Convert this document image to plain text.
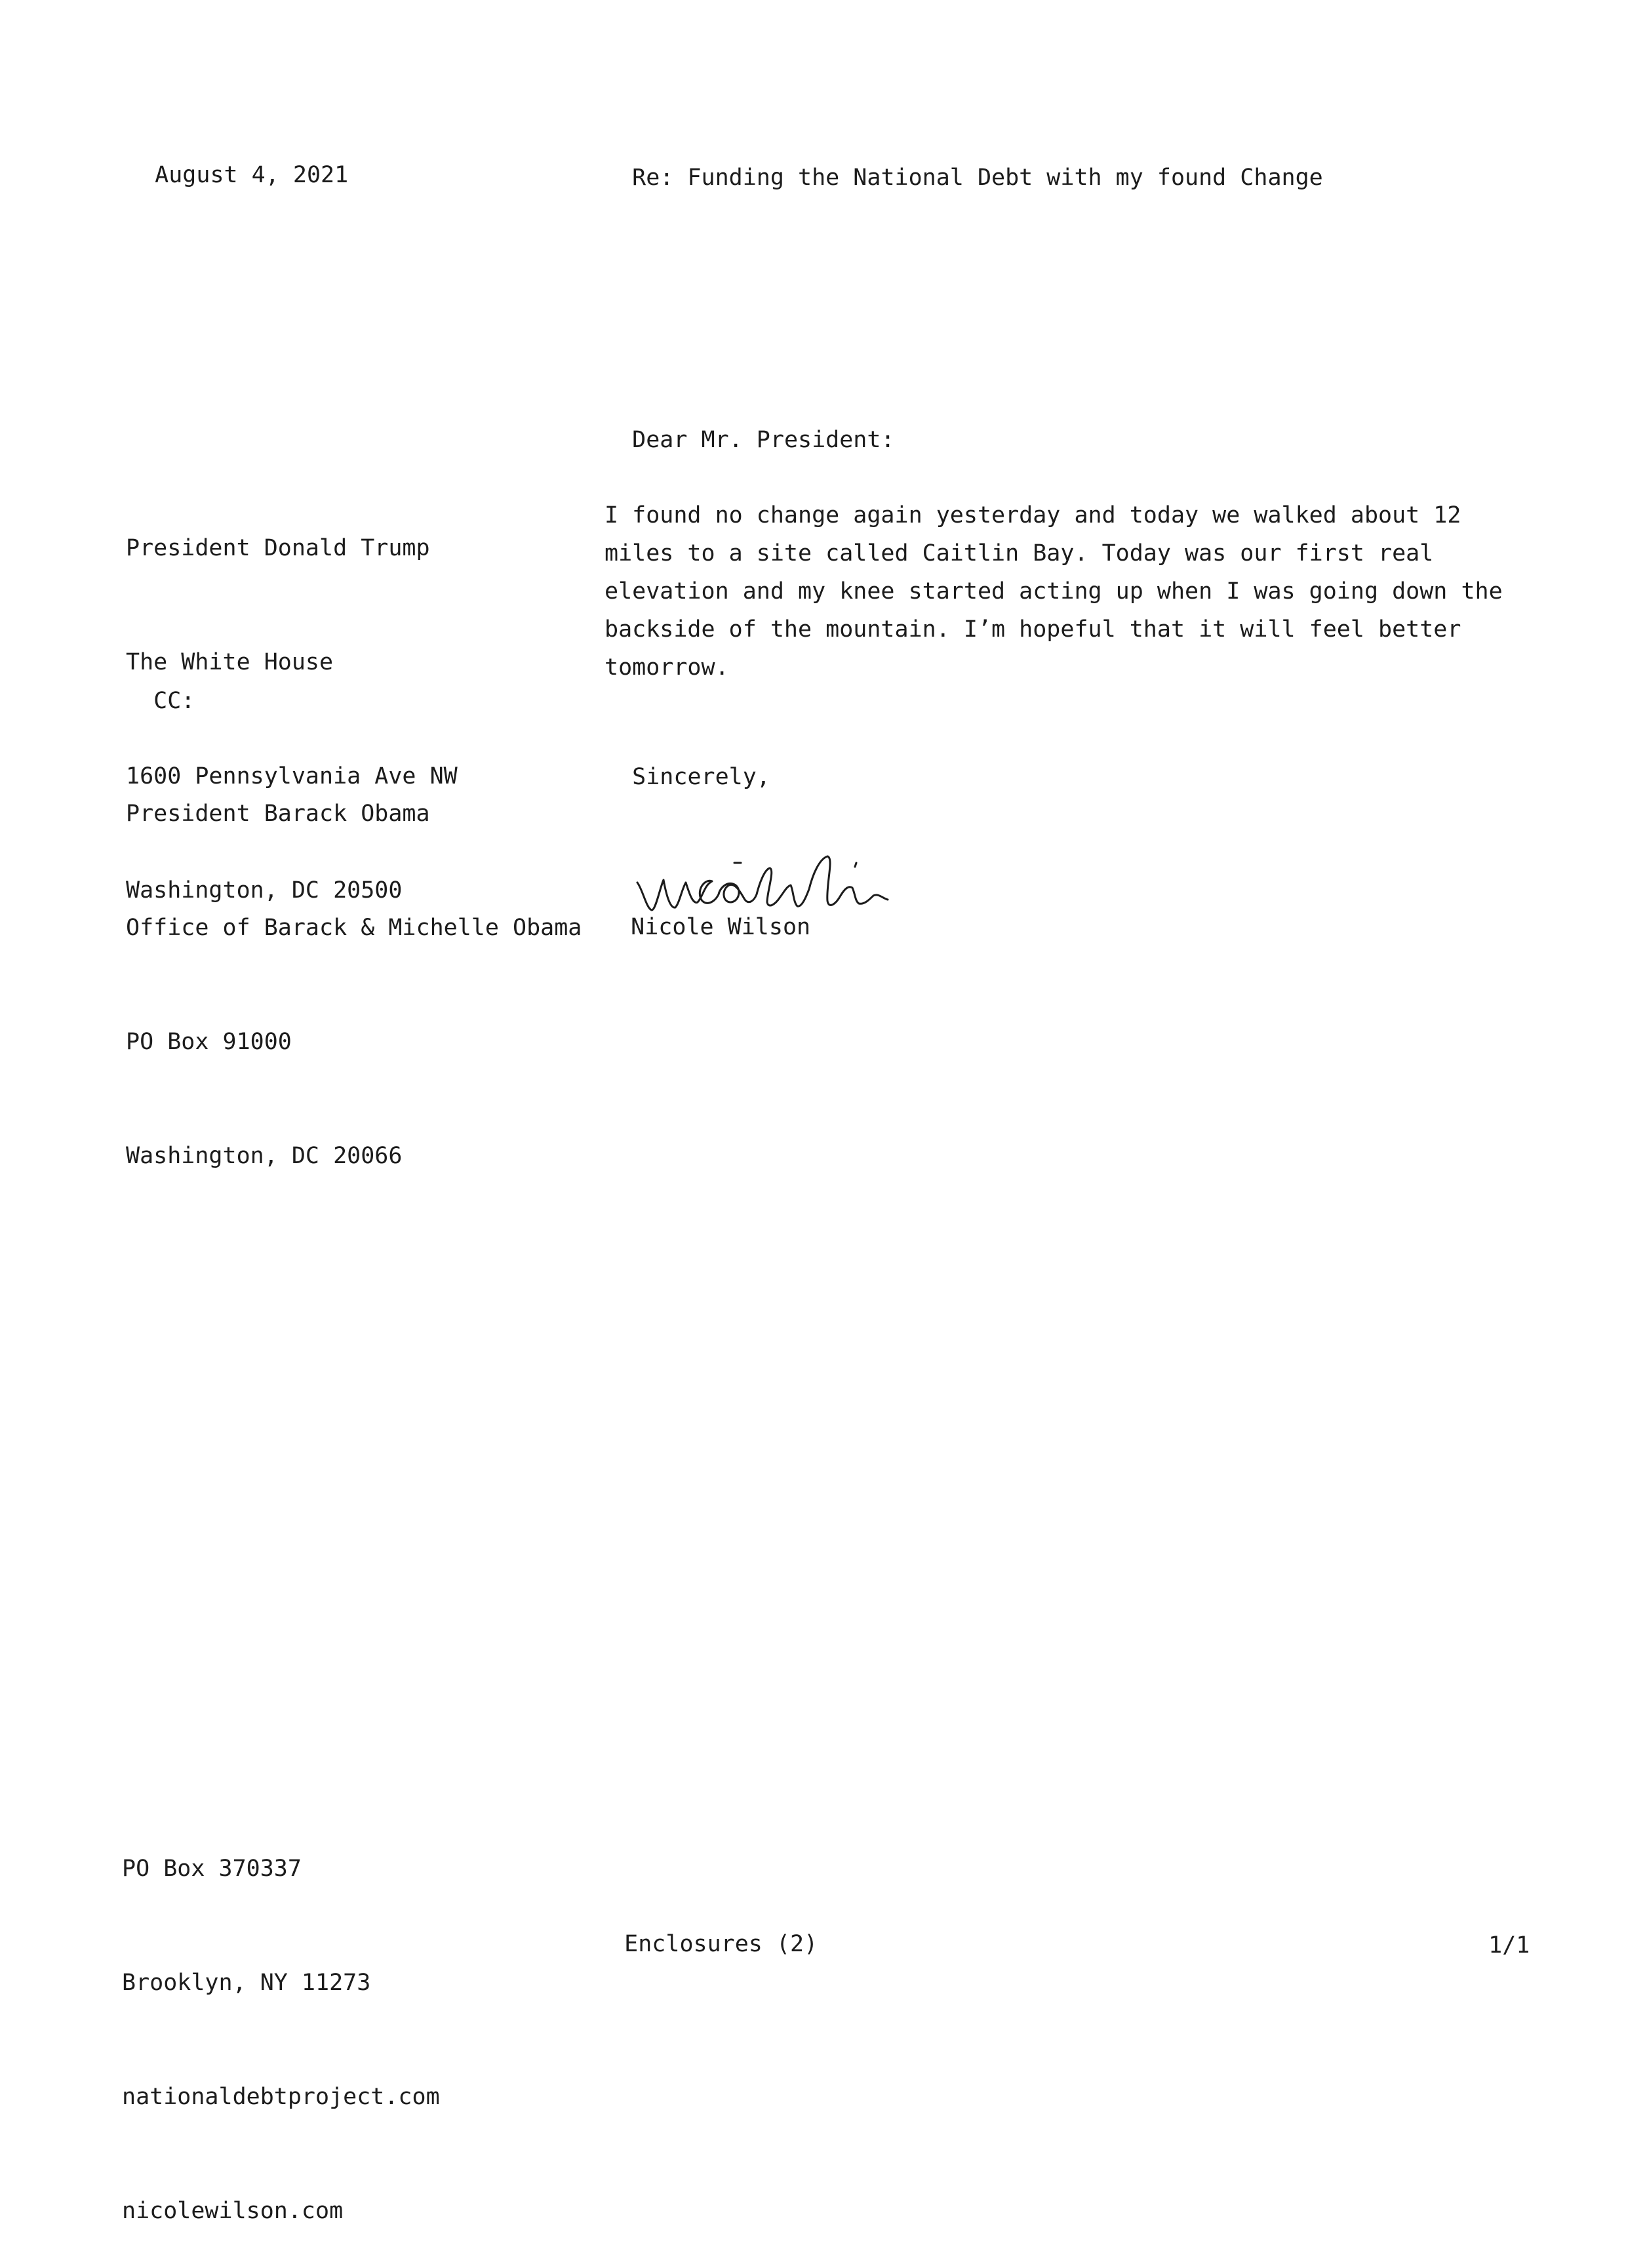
August 4, 2021	Re: Funding the National Debt with my found Change

Dear Mr. President:

President Donald Trump

The White House

1600 Pennsylvania Ave NW

Washington, DC 20500

CC:

President Barack Obama

Office of Barack & Michelle Obama

PO Box 91000

Washington, DC 20066

I found no change again yesterday and today we walked about 12
miles to a site called Caitlin Bay. Today was our first real
elevation and my knee started acting up when I was going down the
backside of the mountain. I’m hopeful that it will feel better
tomorrow.

Sincerely,

Nicole Wilson

PO Box 370337

Brooklyn, NY 11273

nationaldebtproject.com

nicolewilson.com

Enclosures (2)	1/1
